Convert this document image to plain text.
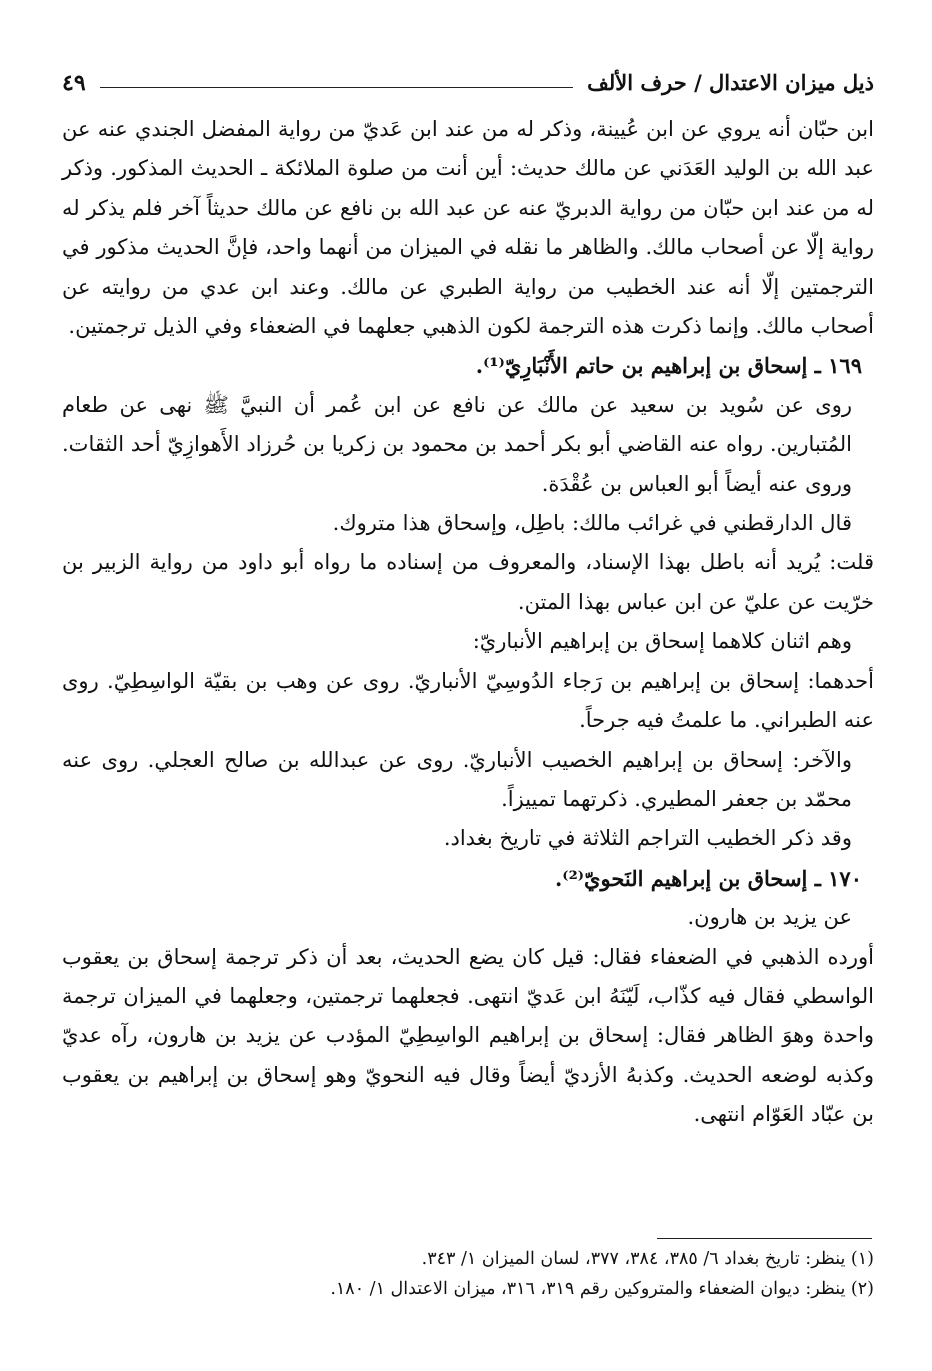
ذيل ميزان الاعتدال / حرف الألف
٤٩

ابن حبّان أنه يروي عن ابن عُيينة، وذكر له من عند ابن عَديّ من رواية المفضل الجندي عنه عن عبد الله بن الوليد العَدَني عن مالك حديث: أين أنت من صلوة الملائكة ـ الحديث المذكور. وذكر له من عند ابن حبّان من رواية الدبريّ عنه عن عبد الله بن نافع عن مالك حديثاً آخر فلم يذكر له رواية إلّا عن أصحاب مالك. والظاهر ما نقله في الميزان من أنهما واحد، فإنَّ الحديث مذكور في الترجمتين إلّا أنه عند الخطيب من رواية الطبري عن مالك. وعند ابن عدي من روايته عن أصحاب مالك. وإنما ذكرت هذه الترجمة لكون الذهبي جعلهما في الضعفاء وفي الذيل ترجمتين.

١٦٩ ـ إسحاق بن إبراهيم بن حاتم الأَنْبَارِيّ⁽¹⁾.

روى عن سُويد بن سعيد عن مالك عن نافع عن ابن عُمر أن النبيَّ ﷺ نهى عن طعام المُتبارين. رواه عنه القاضي أبو بكر أحمد بن محمود بن زكريا بن حُرزاد الأَهوازِيّ أحد الثقات. وروى عنه أيضاً أبو العباس بن عُقْدَة.

قال الدارقطني في غرائب مالك: باطِل، وإسحاق هذا متروك.

قلت: يُريد أنه باطل بهذا الإسناد، والمعروف من إسناده ما رواه أبو داود من رواية الزبير بن خرّيت عن عليّ عن ابن عباس بهذا المتن.

وهم اثنان كلاهما إسحاق بن إبراهيم الأنباريّ:

أحدهما: إسحاق بن إبراهيم بن رَجاء الدُوسِيّ الأنباريّ. روى عن وهب بن بقيّة الواسِطِيّ. روى عنه الطبراني. ما علمتُ فيه جرحاً.

والآخر: إسحاق بن إبراهيم الخصيب الأنباريّ. روى عن عبدالله بن صالح العجلي. روى عنه محمّد بن جعفر المطيري. ذكرتهما تمييزاً.

وقد ذكر الخطيب التراجم الثلاثة في تاريخ بغداد.

١٧٠ ـ إسحاق بن إبراهيم النَحويّ⁽²⁾.

عن يزيد بن هارون.

أورده الذهبي في الضعفاء فقال: قيل كان يضع الحديث، بعد أن ذكر ترجمة إسحاق بن يعقوب الواسطي فقال فيه كذّاب، لَيّنَهُ ابن عَديّ انتهى. فجعلهما ترجمتين، وجعلهما في الميزان ترجمة واحدة وهوَ الظاهر فقال: إسحاق بن إبراهيم الواسِطِيّ المؤدب عن يزيد بن هارون، رآه عديّ وكذبه لوضعه الحديث. وكذبهُ الأزديّ أيضاً وقال فيه النحويّ وهو إسحاق بن إبراهيم بن يعقوب بن عبّاد العَوّام انتهى.

(١) ينظر: تاريخ بغداد ٦/ ٣٨٥، ٣٨٤، ٣٧٧، لسان الميزان ١/ ٣٤٣.

(٢) ينظر: ديوان الضعفاء والمتروكين رقم ٣١٩، ٣١٦، ميزان الاعتدال ١/ ١٨٠.
